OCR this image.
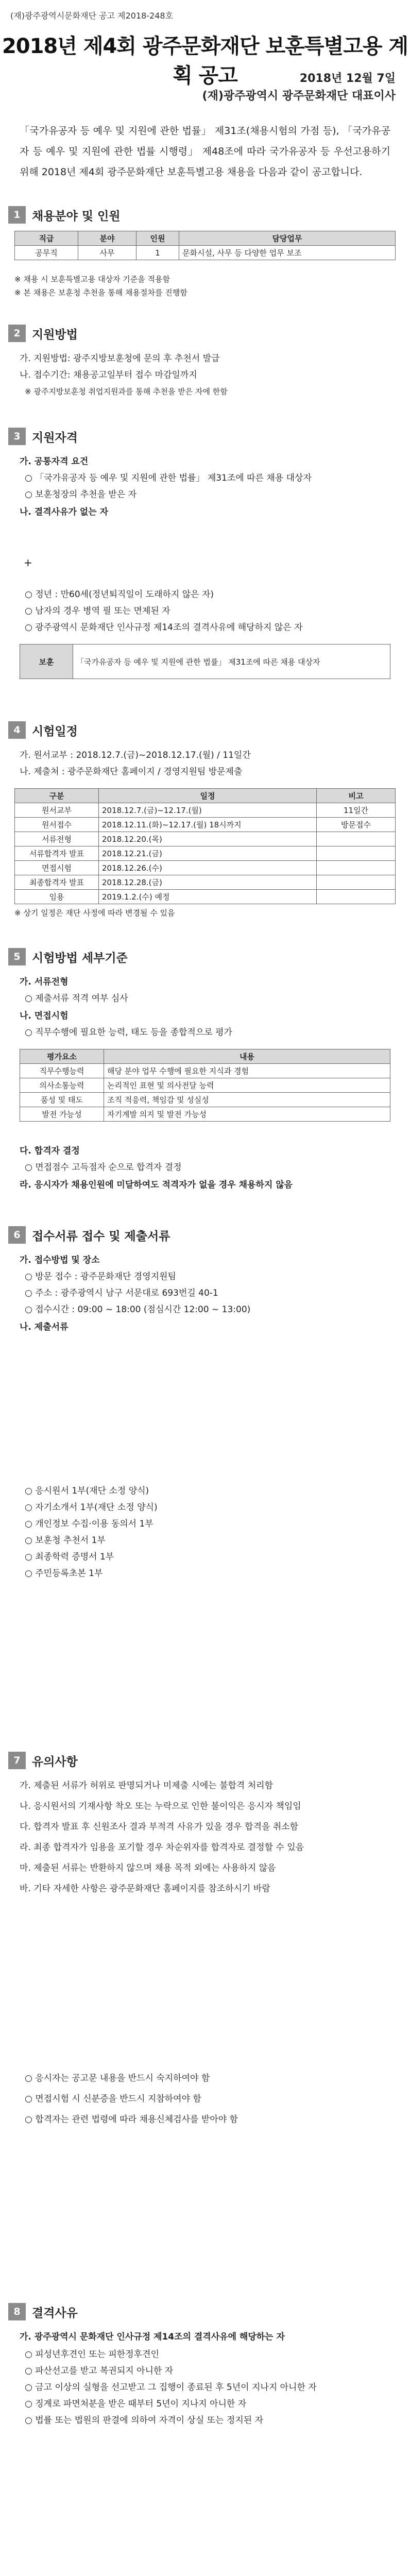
(재)광주광역시문화재단 공고 제2018-248호
2018년 제4회 광주문화재단 보훈특별고용 계획 공고	2018년 12월 7일
(재)광주광역시 광주문화재단 대표이사
「국가유공자 등 예우 및 지원에 관한 법률」 제31조(채용시험의 가점 등), 「국가유공자 등 예우 및 지원에 관한 법률 시행령」 제48조에 따라 국가유공자 등 우선고용하기 위해 2018년 제4회 광주문화재단 보훈특별고용 채용을 다음과 같이 공고합니다.
1 채용분야 및 인원
직급	분야	인원	담당업무
공무직	사무	1	문화시설, 사무 등 다양한 업무 보조
※ 채용 시 보훈특별고용 대상자 기준을 적용함
※ 본 채용은 보훈청 추천을 통해 채용절차를 진행함
2 지원방법
가. 지원방법: 광주지방보훈청에 문의 후 추천서 발급
나. 접수기간: 채용공고일부터 접수 마감일까지
※ 광주지방보훈청 취업지원과를 통해 추천을 받은 자에 한함
3 지원자격
가. 공통자격 요건
○ 「국가유공자 등 예우 및 지원에 관한 법률」 제31조에 따른 채용 대상자
○ 보훈청장의 추천을 받은 자
나. 결격사유가 없는 자
+
○ 정년 : 만60세(정년퇴직일이 도래하지 않은 자)
○ 남자의 경우 병역 필 또는 면제된 자
○ 광주광역시 문화재단 인사규정 제14조의 결격사유에 해당하지 않은 자
보훈	「국가유공자 등 예우 및 지원에 관한 법률」 제31조에 따른 채용 대상자
4 시험일정
가. 원서교부 : 2018.12.7.(금)~2018.12.17.(월) / 11일간
나. 제출처 : 광주문화재단 홈페이지 / 경영지원팀 방문제출
구분	일정	비고
원서교부	2018.12.7.(금)~12.17.(월)	11일간
원서접수	2018.12.11.(화)~12.17.(월) 18시까지	방문접수
서류전형	2018.12.20.(목)	
서류합격자 발표	2018.12.21.(금)	
면접시험	2018.12.26.(수)	
최종합격자 발표	2018.12.28.(금)	
임용	2019.1.2.(수) 예정	
※ 상기 일정은 재단 사정에 따라 변경될 수 있음
5 시험방법 세부기준
가. 서류전형
○ 제출서류 적격 여부 심사
나. 면접시험
○ 직무수행에 필요한 능력, 태도 등을 종합적으로 평가
평가요소	내용
직무수행능력	해당 분야 업무 수행에 필요한 지식과 경험
의사소통능력	논리적인 표현 및 의사전달 능력
품성 및 태도	조직 적응력, 책임감 및 성실성
발전 가능성	자기계발 의지 및 발전 가능성
다. 합격자 결정
○ 면접점수 고득점자 순으로 합격자 결정
라. 응시자가 채용인원에 미달하여도 적격자가 없을 경우 채용하지 않음
6 접수서류 접수 및 제출서류
가. 접수방법 및 장소
○ 방문 접수 : 광주문화재단 경영지원팀
○ 주소 : 광주광역시 남구 서문대로 693번길 40-1
○ 접수시간 : 09:00 ~ 18:00 (점심시간 12:00 ~ 13:00)
나. 제출서류
○ 응시원서 1부(재단 소정 양식)
○ 자기소개서 1부(재단 소정 양식)
○ 개인정보 수집·이용 동의서 1부
○ 보훈청 추천서 1부
○ 최종학력 증명서 1부
○ 주민등록초본 1부
7 유의사항
가. 제출된 서류가 허위로 판명되거나 미제출 시에는 불합격 처리함
나. 응시원서의 기재사항 착오 또는 누락으로 인한 불이익은 응시자 책임임
다. 합격자 발표 후 신원조사 결과 부적격 사유가 있을 경우 합격을 취소함
라. 최종 합격자가 임용을 포기할 경우 차순위자를 합격자로 결정할 수 있음
마. 제출된 서류는 반환하지 않으며 채용 목적 외에는 사용하지 않음
바. 기타 자세한 사항은 광주문화재단 홈페이지를 참조하시기 바람
○ 응시자는 공고문 내용을 반드시 숙지하여야 함
○ 면접시험 시 신분증을 반드시 지참하여야 함
○ 합격자는 관련 법령에 따라 채용신체검사를 받아야 함
8 결격사유
가. 광주광역시 문화재단 인사규정 제14조의 결격사유에 해당하는 자
○ 피성년후견인 또는 피한정후견인
○ 파산선고를 받고 복권되지 아니한 자
○ 금고 이상의 실형을 선고받고 그 집행이 종료된 후 5년이 지나지 아니한 자
○ 징계로 파면처분을 받은 때부터 5년이 지나지 아니한 자
○ 법률 또는 법원의 판결에 의하여 자격이 상실 또는 정지된 자
